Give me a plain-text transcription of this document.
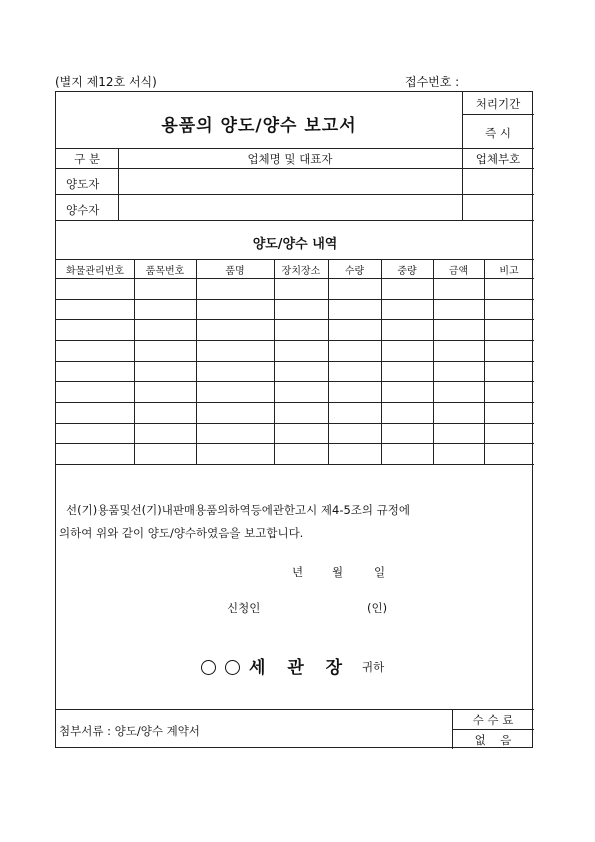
(별지 제12호 서식)	접수번호 :
용품의 양도/양수 보고서
처리기간
즉 시
구 분	업체명 및 대표자	업체부호
양도자
양수자
양도/양수 내역
화물관리번호	품목번호	품명	장치장소	수량	중량	금액	비고
선(기)용품및선(기)내판매용품의하역등에관한고시 제4-5조의 규정에
의하여 위와 같이 양도/양수하였음을 보고합니다.
년	월	일
신청인	(인)
세 관 장 귀하
첨부서류 : 양도/양수 계약서
수 수 료
없    음
